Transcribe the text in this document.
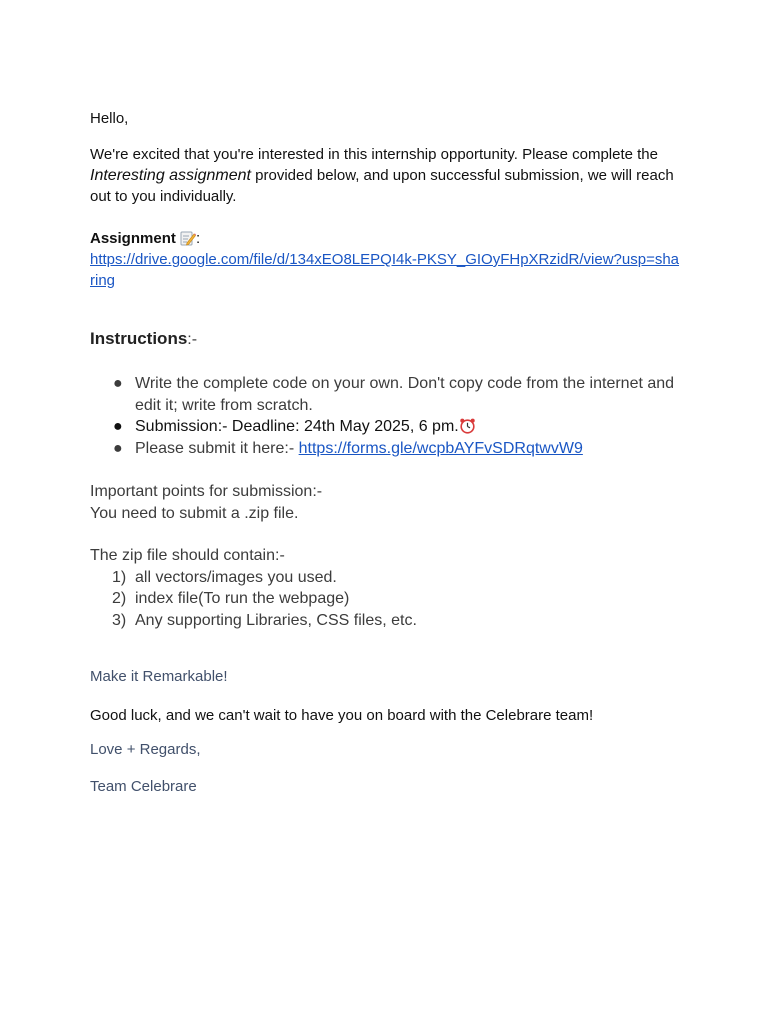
Hello,
We're excited that you're interested in this internship opportunity. Please complete the
Interesting assignment provided below, and upon successful submission, we will reach out to you individually.
Assignment :
https://drive.google.com/file/d/134xEO8LEPQI4k-PKSY_GIOyFHpXRzidR/view?usp=sharing
Instructions:-
● Write the complete code on your own. Don't copy code from the internet and edit it; write from scratch.
● Submission:- Deadline: 24th May 2025, 6 pm.
● Please submit it here:- https://forms.gle/wcpbAYFvSDRqtwvW9
Important points for submission:-
You need to submit a .zip file.
The zip file should contain:-
1) all vectors/images you used.
2) index file(To run the webpage)
3) Any supporting Libraries, CSS files, etc.
Make it Remarkable!
Good luck, and we can't wait to have you on board with the Celebrare team!
Love + Regards,
Team Celebrare
